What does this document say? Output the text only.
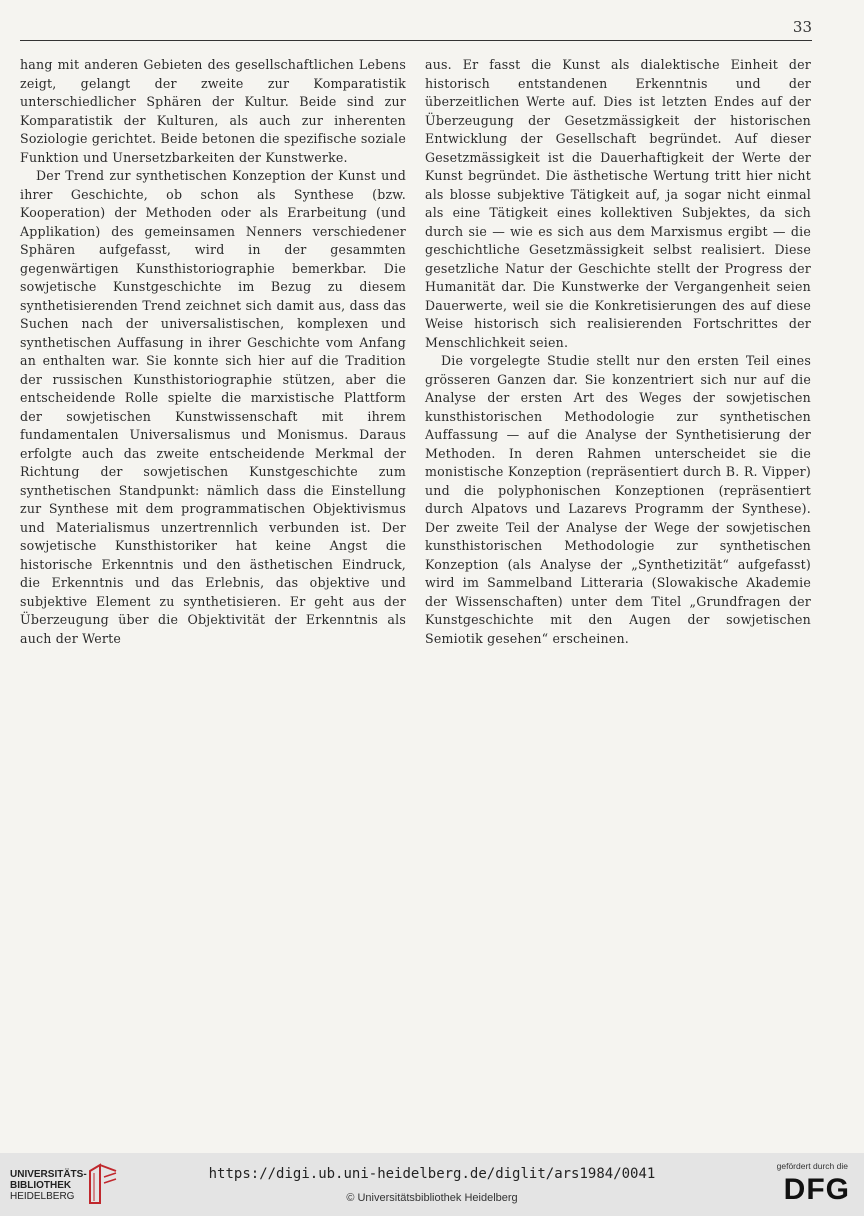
33

hang mit anderen Gebieten des gesellschaftlichen Lebens zeigt, gelangt der zweite zur Komparatistik unterschiedlicher Sphären der Kultur. Beide sind zur Komparatistik der Kulturen, als auch zur inherenten Soziologie gerichtet. Beide betonen die spezifische soziale Funktion und Unersetzbarkeiten der Kunstwerke.

Der Trend zur synthetischen Konzeption der Kunst und ihrer Geschichte, ob schon als Synthese (bzw. Kooperation) der Methoden oder als Erarbeitung (und Applikation) des gemeinsamen Nenners verschiedener Sphären aufgefasst, wird in der gesammten gegenwärtigen Kunsthistoriographie bemerkbar. Die sowjetische Kunstgeschichte im Bezug zu diesem synthetisierenden Trend zeichnet sich damit aus, dass das Suchen nach der universalistischen, komplexen und synthetischen Auffasung in ihrer Geschichte vom Anfang an enthalten war. Sie konnte sich hier auf die Tradition der russischen Kunsthistoriographie stützen, aber die entscheidende Rolle spielte die marxistische Plattform der sowjetischen Kunstwissenschaft mit ihrem fundamentalen Universalismus und Monismus. Daraus erfolgte auch das zweite entscheidende Merkmal der Richtung der sowjetischen Kunstgeschichte zum synthetischen Standpunkt: nämlich dass die Einstellung zur Synthese mit dem programmatischen Objektivismus und Materialismus unzertrennlich verbunden ist. Der sowjetische Kunsthistoriker hat keine Angst die historische Erkenntnis und den ästhetischen Eindruck, die Erkenntnis und das Erlebnis, das objektive und subjektive Element zu synthetisieren. Er geht aus der Überzeugung über die Objektivität der Erkenntnis als auch der Werte

aus. Er fasst die Kunst als dialektische Einheit der historisch entstandenen Erkenntnis und der überzeitlichen Werte auf. Dies ist letzten Endes auf der Überzeugung der Gesetzmässigkeit der historischen Entwicklung der Gesellschaft begründet. Auf dieser Gesetzmässigkeit ist die Dauerhaftigkeit der Werte der Kunst begründet. Die ästhetische Wertung tritt hier nicht als blosse subjektive Tätigkeit auf, ja sogar nicht einmal als eine Tätigkeit eines kollektiven Subjektes, da sich durch sie — wie es sich aus dem Marxismus ergibt — die geschichtliche Gesetzmässigkeit selbst realisiert. Diese gesetzliche Natur der Geschichte stellt der Progress der Humanität dar. Die Kunstwerke der Vergangenheit seien Dauerwerte, weil sie die Konkretisierungen des auf diese Weise historisch sich realisierenden Fortschrittes der Menschlichkeit seien.

Die vorgelegte Studie stellt nur den ersten Teil eines grösseren Ganzen dar. Sie konzentriert sich nur auf die Analyse der ersten Art des Weges der sowjetischen kunsthistorischen Methodologie zur synthetischen Auffassung — auf die Analyse der Synthetisierung der Methoden. In deren Rahmen unterscheidet sie die monistische Konzeption (repräsentiert durch B. R. Vipper) und die polyphonischen Konzeptionen (repräsentiert durch Alpatovs und Lazarevs Programm der Synthese). Der zweite Teil der Analyse der Wege der sowjetischen kunsthistorischen Methodologie zur synthetischen Konzeption (als Analyse der „Synthetizität“ aufgefasst) wird im Sammelband Litteraria (Slowakische Akademie der Wissenschaften) unter dem Titel „Grundfragen der Kunstgeschichte mit den Augen der sowjetischen Semiotik gesehen“ erscheinen.

UNIVERSITÄTS-
BIBLIOTHEK
HEIDELBERG
https://digi.ub.uni-heidelberg.de/diglit/ars1984/0041
© Universitätsbibliothek Heidelberg
gefördert durch die
DFG
